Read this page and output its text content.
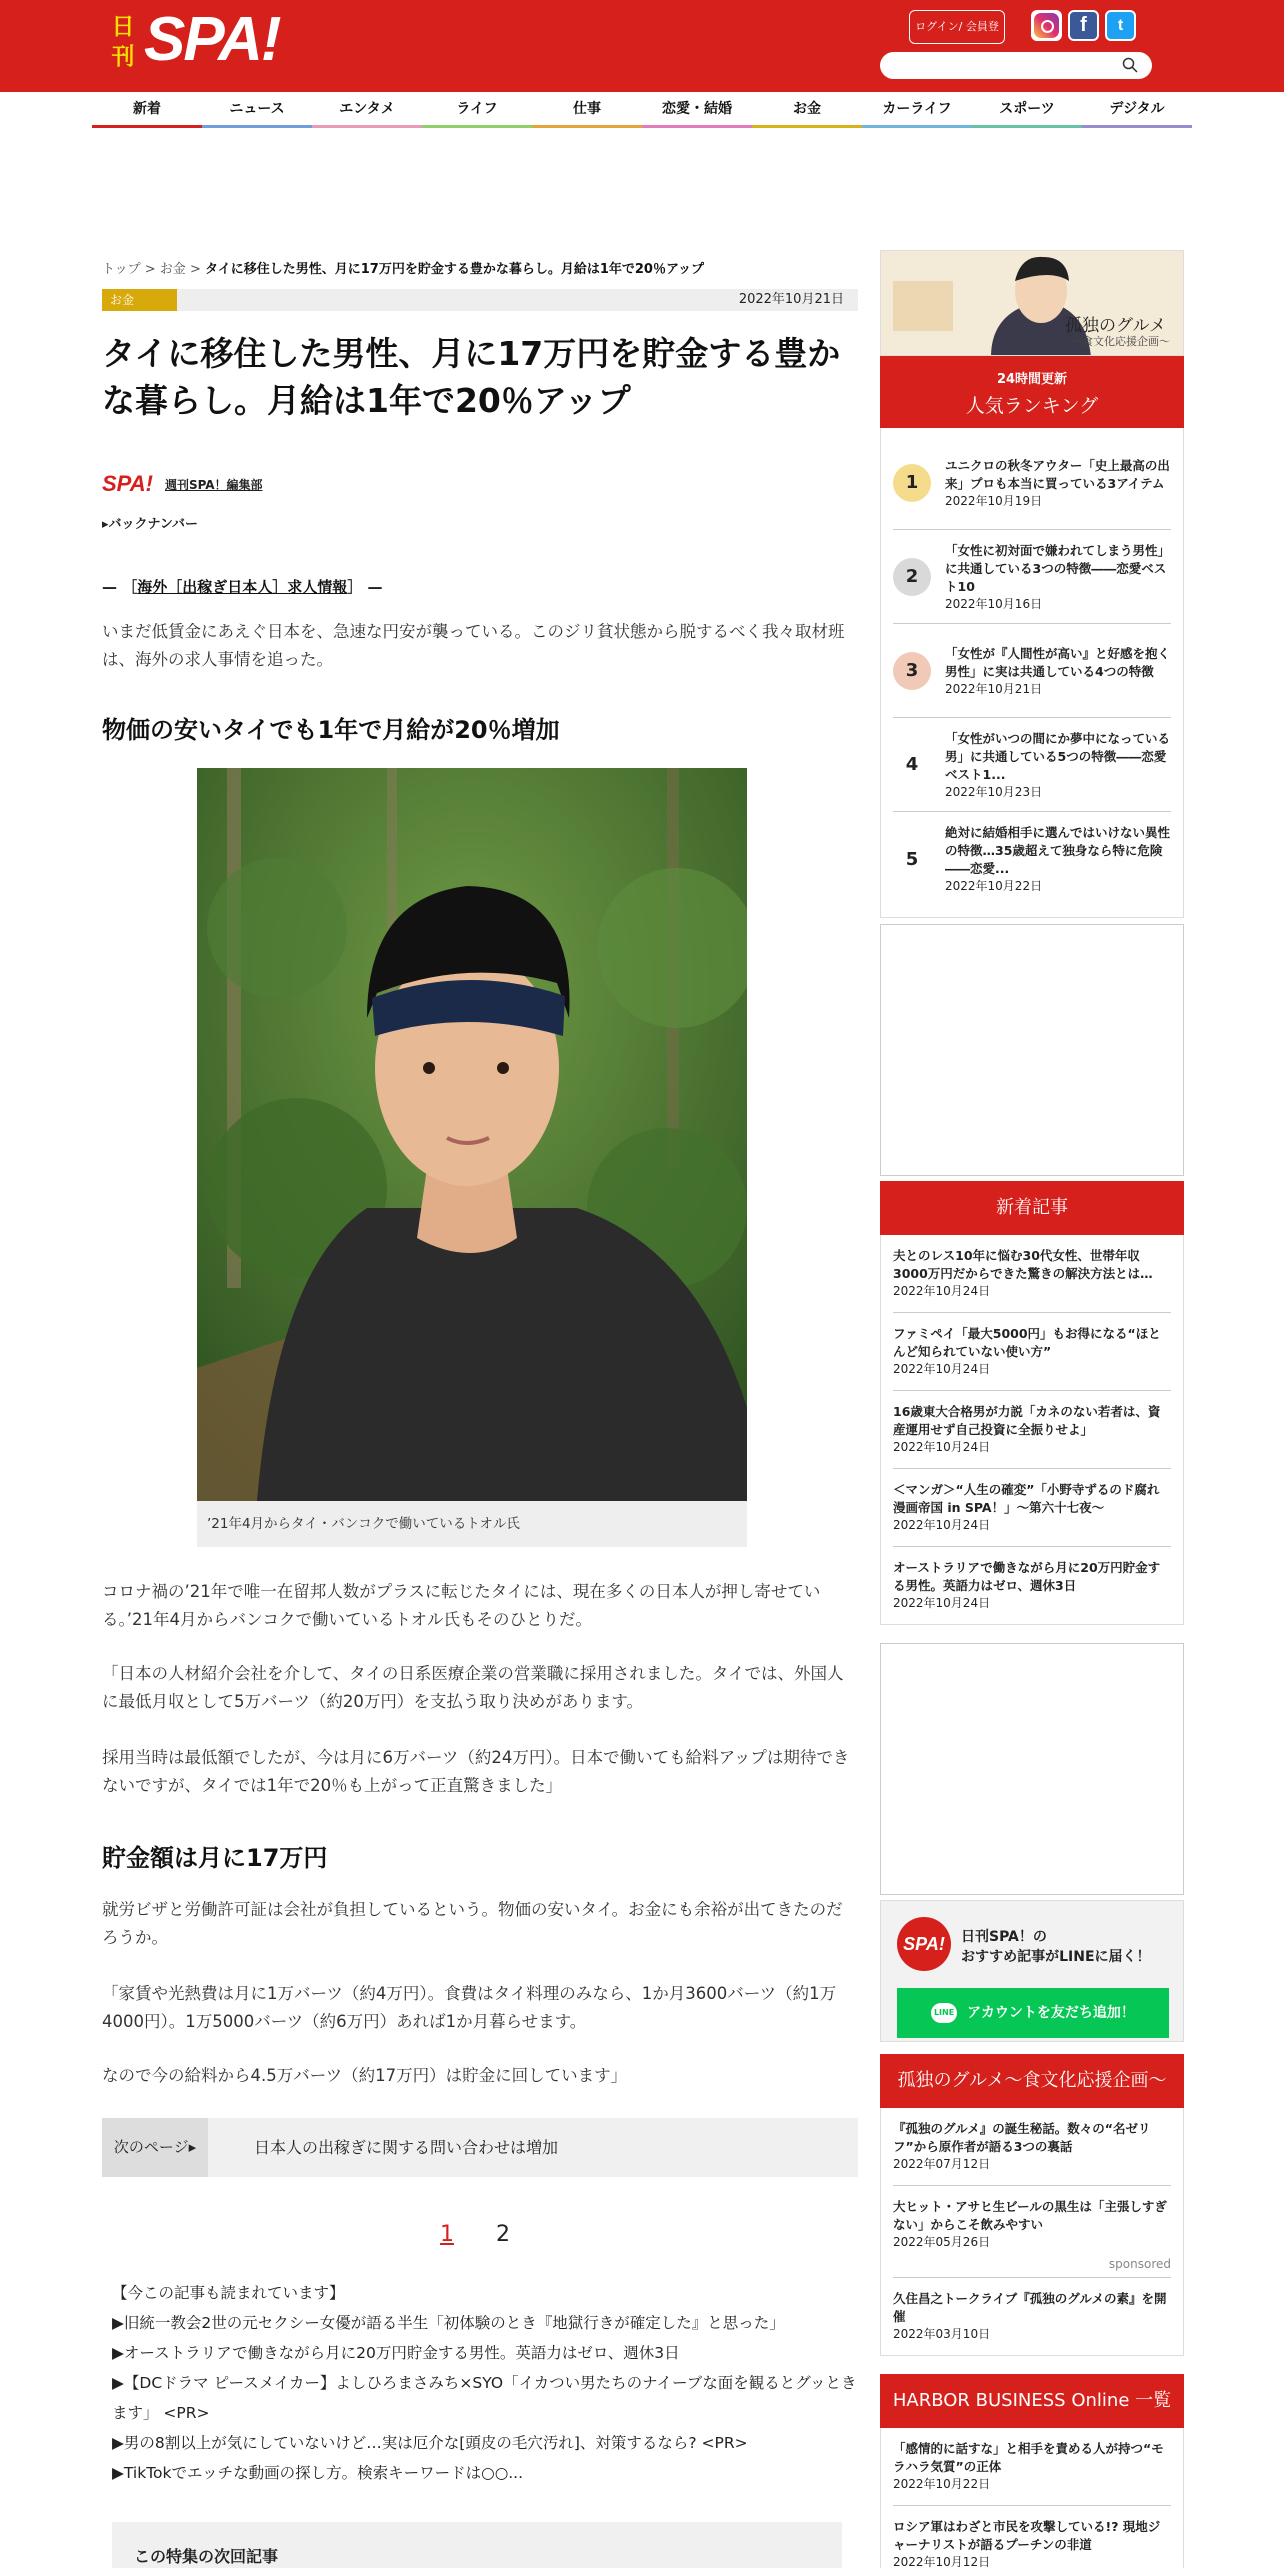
日刊 SPA!	ログイン/ 会員登	f	t
新着	ニュース	エンタメ	ライフ	仕事	恋愛・結婚	お金	カーライフ	スポーツ	デジタル
トップ > お金 > タイに移住した男性、月に17万円を貯金する豊かな暮らし。月給は1年で20％アップ
お金	2022年10月21日
タイに移住した男性、月に17万円を貯金する豊かな暮らし。月給は1年で20％アップ
SPA! 週刊SPA！編集部
▸バックナンバー
— ［海外［出稼ぎ日本人］求人情報］ —

いまだ低賃金にあえぐ日本を、急速な円安が襲っている。このジリ貧状態から脱するべく我々取材班は、海外の求人事情を追った。

物価の安いタイでも1年で月給が20％増加
’21年4月からタイ・バンコクで働いているトオル氏

コロナ禍の’21年で唯一在留邦人数がプラスに転じたタイには、現在多くの日本人が押し寄せている。’21年4月からバンコクで働いているトオル氏もそのひとりだ。

「日本の人材紹介会社を介して、タイの日系医療企業の営業職に採用されました。タイでは、外国人に最低月収として5万バーツ（約20万円）を支払う取り決めがあります。

採用当時は最低額でしたが、今は月に6万バーツ（約24万円）。日本で働いても給料アップは期待できないですが、タイでは1年で20％も上がって正直驚きました」

貯金額は月に17万円

就労ビザと労働許可証は会社が負担しているという。物価の安いタイ。お金にも余裕が出てきたのだろうか。

「家賃や光熱費は月に1万バーツ（約4万円）。食費はタイ料理のみなら、1か月3600バーツ（約1万4000円）。1万5000バーツ（約6万円）あれば1か月暮らせます。

なので今の給料から4.5万バーツ（約17万円）は貯金に回しています」

次のページ▸	日本人の出稼ぎに関する問い合わせは増加
1 2
【今この記事も読まれています】
▶旧統一教会2世の元セクシー女優が語る半生「初体験のとき『地獄行きが確定した』と思った」
▶オーストラリアで働きながら月に20万円貯金する男性。英語力はゼロ、週休3日
▶【DCドラマ ピースメイカー】よしひろまさみち×SYO「イカつい男たちのナイーブな面を観るとグッときます」 <PR>
▶男の8割以上が気にしていないけど…実は厄介な[頭皮の毛穴汚れ]、対策するなら? <PR>
▶TikTokでエッチな動画の探し方。検索キーワードは○○...
この特集の次回記事
孤独のグルメ
～食文化応援企画～
24時間更新
人気ランキング
1
ユニクロの秋冬アウター「史上最高の出来」プロも本当に買っている3アイテム
2022年10月19日
2
「女性に初対面で嫌われてしまう男性」に共通している3つの特徴――恋愛ベスト10
2022年10月16日
3
「女性が『人間性が高い』と好感を抱く男性」に実は共通している4つの特徴
2022年10月21日
4
「女性がいつの間にか夢中になっている男」に共通している5つの特徴――恋愛ベスト1...
2022年10月23日
5
絶対に結婚相手に選んではいけない異性の特徴…35歳超えて独身なら特に危険――恋愛...
2022年10月22日
新着記事
夫とのレス10年に悩む30代女性、世帯年収3000万円だからできた驚きの解決方法とは…
2022年10月24日
ファミペイ「最大5000円」もお得になる“ほとんど知られていない使い方”
2022年10月24日
16歳東大合格男が力説「カネのない若者は、資産運用せず自己投資に全振りせよ」
2022年10月24日
＜マンガ＞“人生の確変”「小野寺ずるのド腐れ漫画帝国 in SPA！」～第六十七夜～
2022年10月24日
オーストラリアで働きながら月に20万円貯金する男性。英語力はゼロ、週休3日
2022年10月24日
SPA!	日刊SPA！の
おすすめ記事がLINEに届く！
LINE アカウントを友だち追加！
孤独のグルメ～食文化応援企画～
『孤独のグルメ』の誕生秘話。数々の“名ゼリフ”から原作者が語る3つの裏話
2022年07月12日
大ヒット・アサヒ生ビールの黒生は「主張しすぎない」からこそ飲みやすい
2022年05月26日
sponsored
久住昌之トークライブ『孤独のグルメの素』を開催
2022年03月10日
HARBOR BUSINESS Online 一覧
「感情的に話すな」と相手を責める人が持つ“モラハラ気質”の正体
2022年10月22日
ロシア軍はわざと市民を攻撃している!? 現地ジャーナリストが語るプーチンの非道
2022年10月12日
